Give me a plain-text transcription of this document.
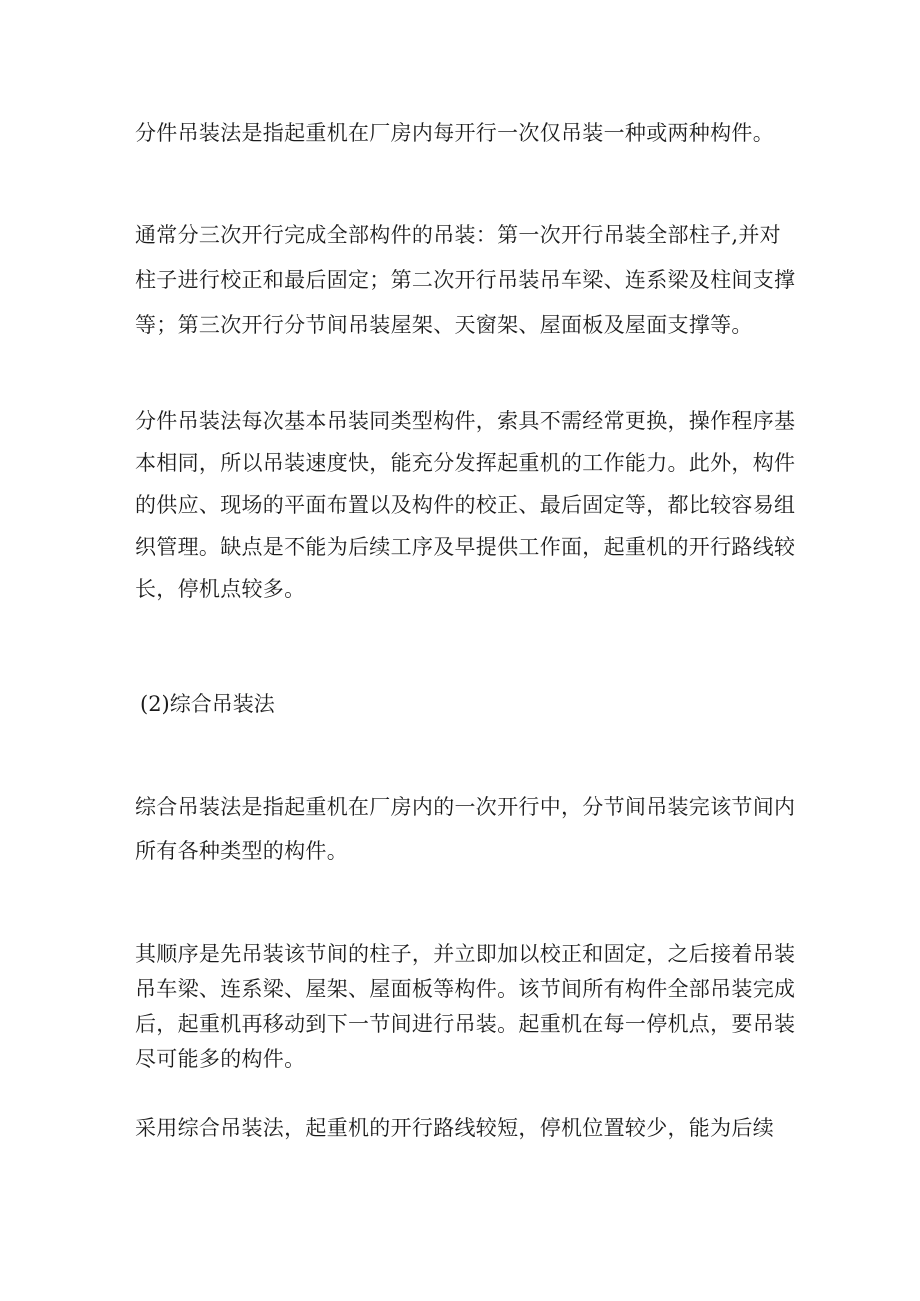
分件吊装法是指起重机在厂房内每开行一次仅吊装一种或两种构件。

通常分三次开行完成全部构件的吊装：第一次开行吊装全部柱子,并对柱子进行校正和最后固定；第二次开行吊装吊车梁、连系梁及柱间支撑等；第三次开行分节间吊装屋架、天窗架、屋面板及屋面支撑等。

分件吊装法每次基本吊装同类型构件，索具不需经常更换，操作程序基本相同，所以吊装速度快，能充分发挥起重机的工作能力。此外，构件的供应、现场的平面布置以及构件的校正、最后固定等，都比较容易组织管理。缺点是不能为后续工序及早提供工作面，起重机的开行路线较长，停机点较多。

(2)综合吊装法

综合吊装法是指起重机在厂房内的一次开行中，分节间吊装完该节间内所有各种类型的构件。

其顺序是先吊装该节间的柱子，并立即加以校正和固定，之后接着吊装吊车梁、连系梁、屋架、屋面板等构件。该节间所有构件全部吊装完成后，起重机再移动到下一节间进行吊装。起重机在每一停机点，要吊装尽可能多的构件。

采用综合吊装法，起重机的开行路线较短，停机位置较少，能为后续
